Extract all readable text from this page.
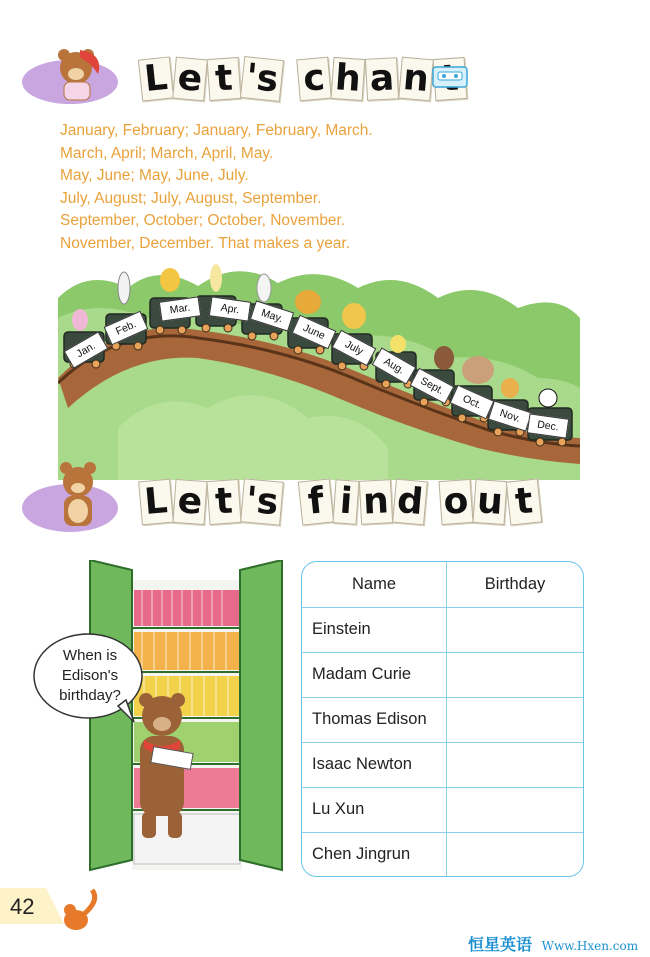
L e t 's c h a n
January, February; January, February, March.
March, April; March, April, May.
May, June; May, June, July.
July, August; July, August, September.
September, October; October, November.
November, December. That makes a year.
Jan.
Feb.
Mar.	Apr.	May.
June
July
Aug.
Sept.
Oct.
Nov.
Dec.
L e t 's f i n d o u t
When is
Edison's
birthday?
Name	Birthday
Einstein
Madam Curie
Thomas Edison
Isaac Newton
Lu Xun
Chen Jingrun
42
恒星英语 Www.Hxen.com
